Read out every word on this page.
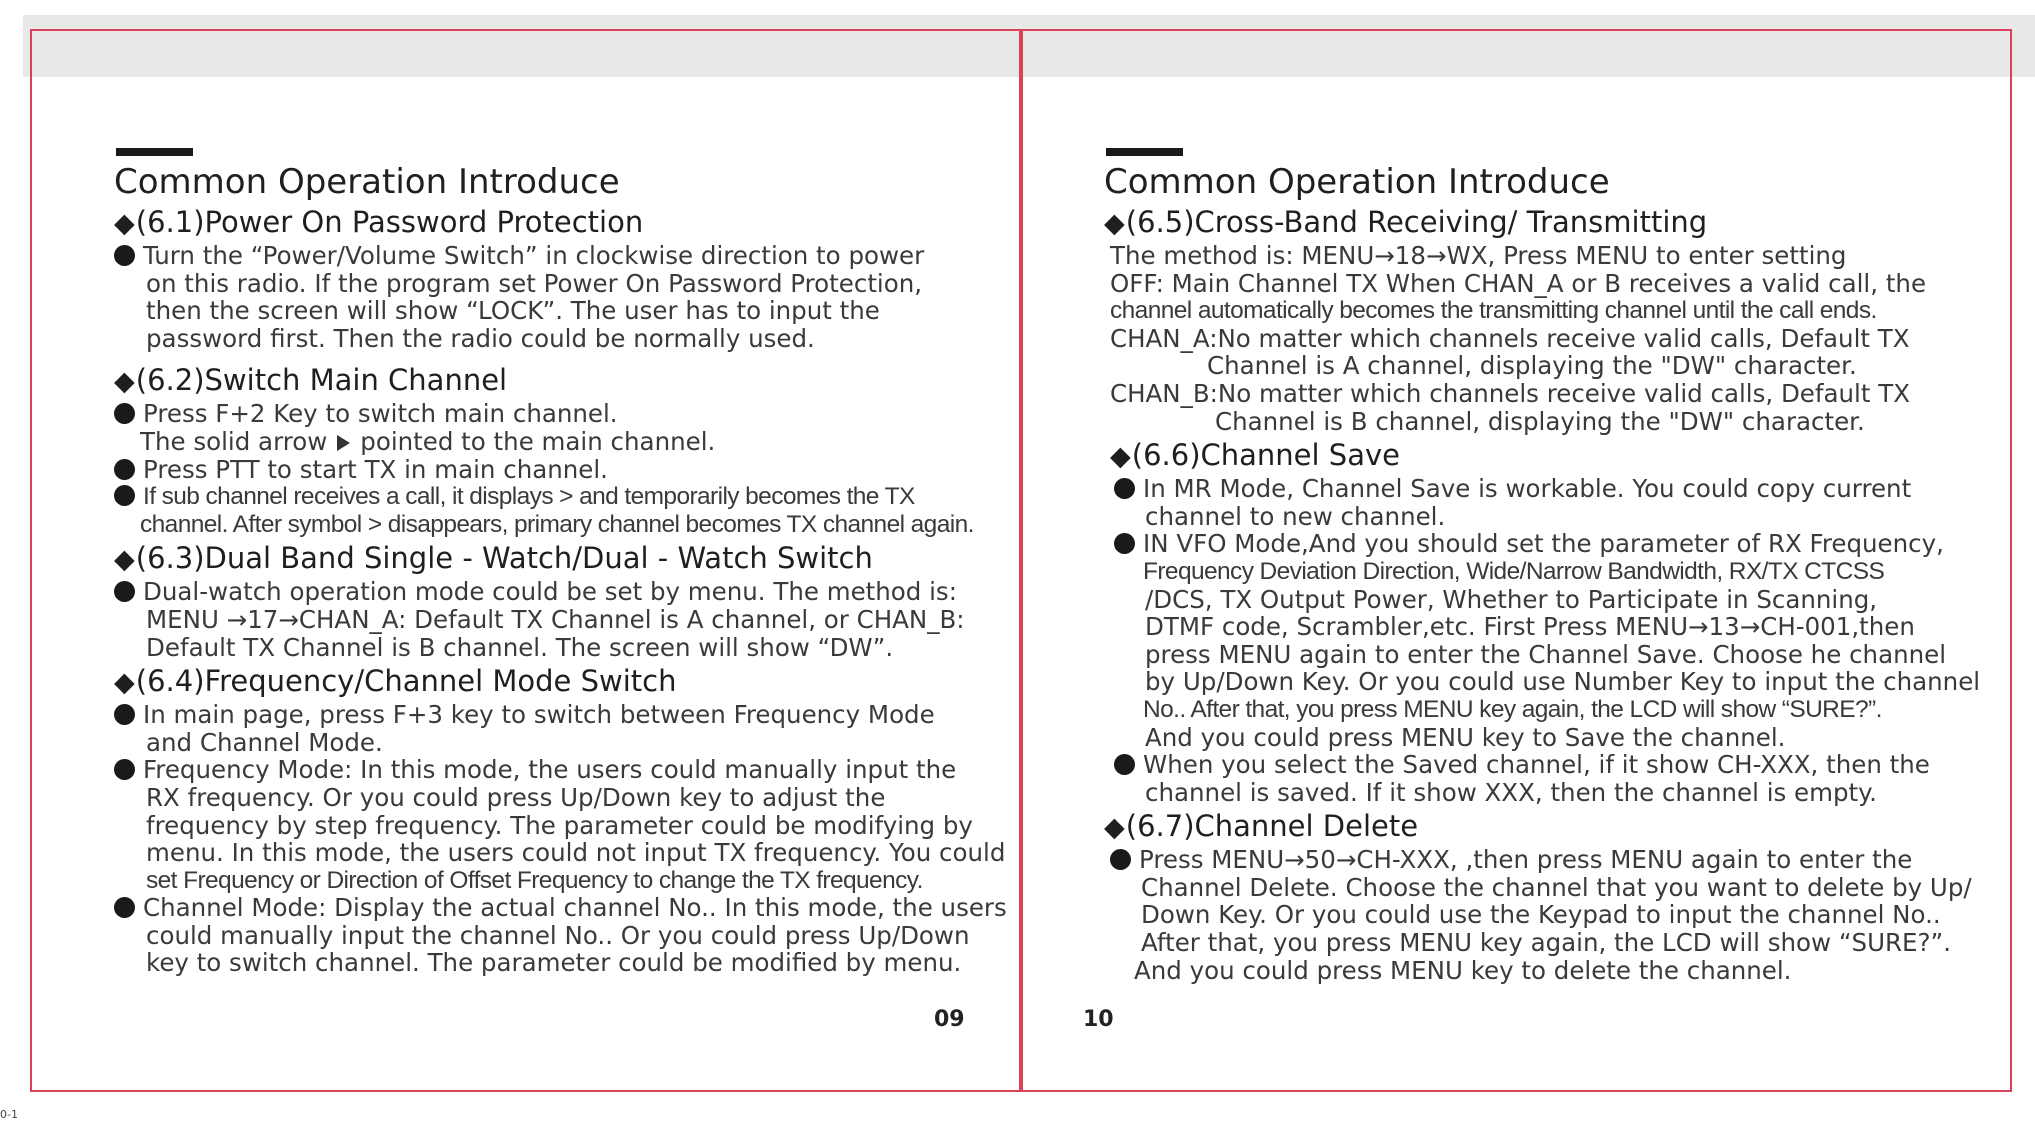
Common Operation Introduce
◆(6.1)Power On Password Protection
Turn the “Power/Volume Switch” in clockwise direction to power
on this radio. If the program set Power On Password Protection,
then the screen will show “LOCK”. The user has to input the
password first. Then the radio could be normally used.
◆(6.2)Switch Main Channel
Press F+2 Key to switch main channel.
The solid arrow pointed to the main channel.
Press PTT to start TX in main channel.
If sub channel receives a call, it displays > and temporarily becomes the TX
channel. After symbol > disappears, primary channel becomes TX channel again.
◆(6.3)Dual Band Single - Watch/Dual - Watch Switch
Dual-watch operation mode could be set by menu. The method is:
MENU →17→CHAN_A: Default TX Channel is A channel, or CHAN_B:
Default TX Channel is B channel. The screen will show “DW”.
◆(6.4)Frequency/Channel Mode Switch
In main page, press F+3 key to switch between Frequency Mode
and Channel Mode.
Frequency Mode: In this mode, the users could manually input the
RX frequency. Or you could press Up/Down key to adjust the
frequency by step frequency. The parameter could be modifying by
menu. In this mode, the users could not input TX frequency. You could
set Frequency or Direction of Offset Frequency to change the TX frequency.
Channel Mode: Display the actual channel No.. In this mode, the users
could manually input the channel No.. Or you could press Up/Down
key to switch channel. The parameter could be modified by menu.
Common Operation Introduce
◆(6.5)Cross-Band Receiving/ Transmitting
The method is: MENU→18→WX, Press MENU to enter setting
OFF: Main Channel TX When CHAN_A or B receives a valid call, the
channel automatically becomes the transmitting channel until the call ends.
CHAN_A:No matter which channels receive valid calls, Default TX
Channel is A channel, displaying the "DW" character.
CHAN_B:No matter which channels receive valid calls, Default TX
Channel is B channel, displaying the "DW" character.
◆(6.6)Channel Save
In MR Mode, Channel Save is workable. You could copy current
channel to new channel.
IN VFO Mode,And you should set the parameter of RX Frequency,
Frequency Deviation Direction, Wide/Narrow Bandwidth, RX/TX CTCSS
/DCS, TX Output Power, Whether to Participate in Scanning,
DTMF code, Scrambler,etc. First Press MENU→13→CH-001,then
press MENU again to enter the Channel Save. Choose he channel
by Up/Down Key. Or you could use Number Key to input the channel
No.. After that, you press MENU key again, the LCD will show “SURE?”.
And you could press MENU key to Save the channel.
When you select the Saved channel, if it show CH-XXX, then the
channel is saved. If it show XXX, then the channel is empty.
◆(6.7)Channel Delete
Press MENU→50→CH-XXX, ,then press MENU again to enter the
Channel Delete. Choose the channel that you want to delete by Up/
Down Key. Or you could use the Keypad to input the channel No..
After that, you press MENU key again, the LCD will show “SURE?”.
And you could press MENU key to delete the channel.
09	10
0-1
